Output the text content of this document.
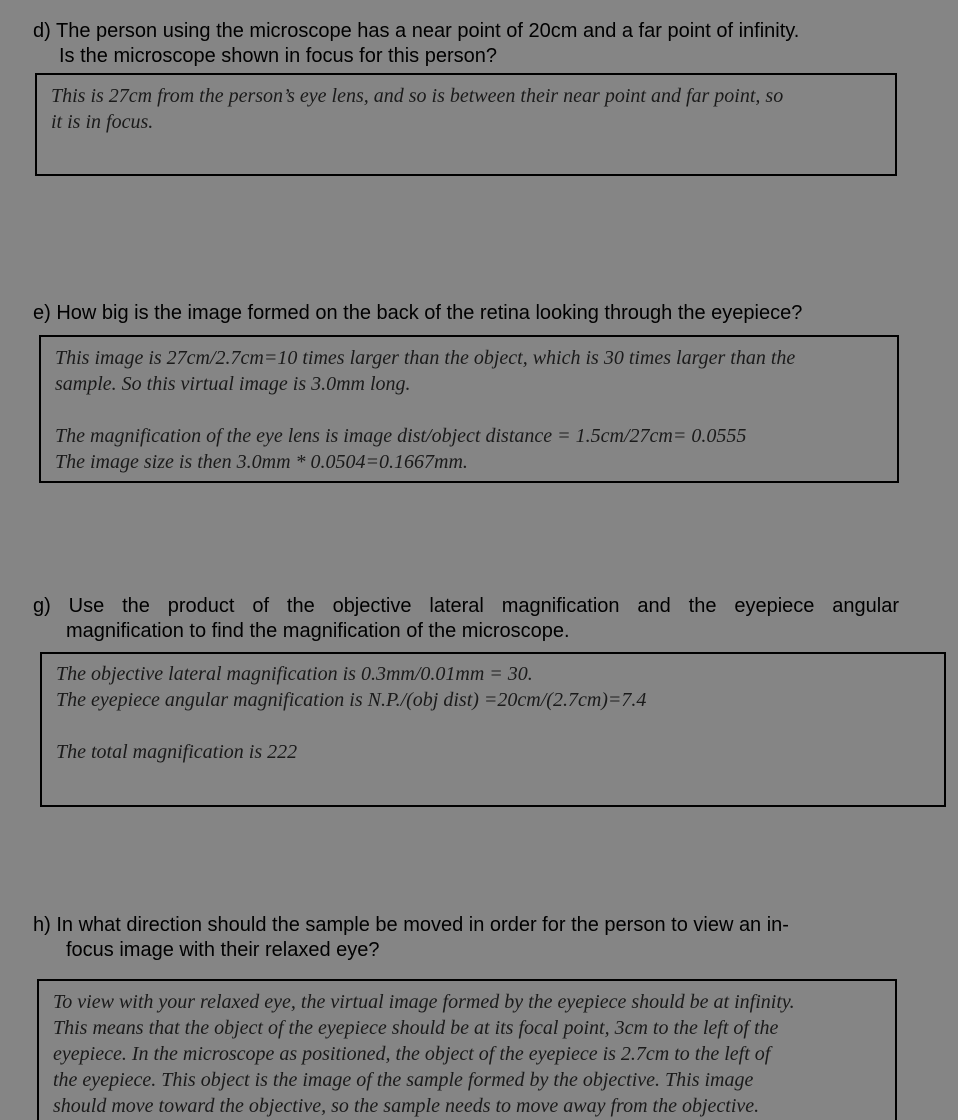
d) The person using the microscope has a near point of 20cm and a far point of infinity.
Is the microscope shown in focus for this person?

This is 27cm from the person’s eye lens, and so is between their near point and far point, so

it is in focus.

e) How big is the image formed on the back of the retina looking through the eyepiece?

This image is 27cm/2.7cm=10 times larger than the object, which is 30 times larger than the

sample. So this virtual image is 3.0mm long.

The magnification of the eye lens is image dist/object distance = 1.5cm/27cm= 0.0555

The image size is then 3.0mm * 0.0504=0.1667mm.

g) Use the product of the objective lateral magnification and the eyepiece angular
magnification to find the magnification of the microscope.

The objective lateral magnification is 0.3mm/0.01mm = 30.

The eyepiece angular magnification is N.P./(obj dist) =20cm/(2.7cm)=7.4

The total magnification is 222

h) In what direction should the sample be moved in order for the person to view an in-
focus image with their relaxed eye?

To view with your relaxed eye, the virtual image formed by the eyepiece should be at infinity.

This means that the object of the eyepiece should be at its focal point, 3cm to the left of the

eyepiece. In the microscope as positioned, the object of the eyepiece is 2.7cm to the left of

the eyepiece. This object is the image of the sample formed by the objective. This image

should move toward the objective, so the sample needs to move away from the objective.
